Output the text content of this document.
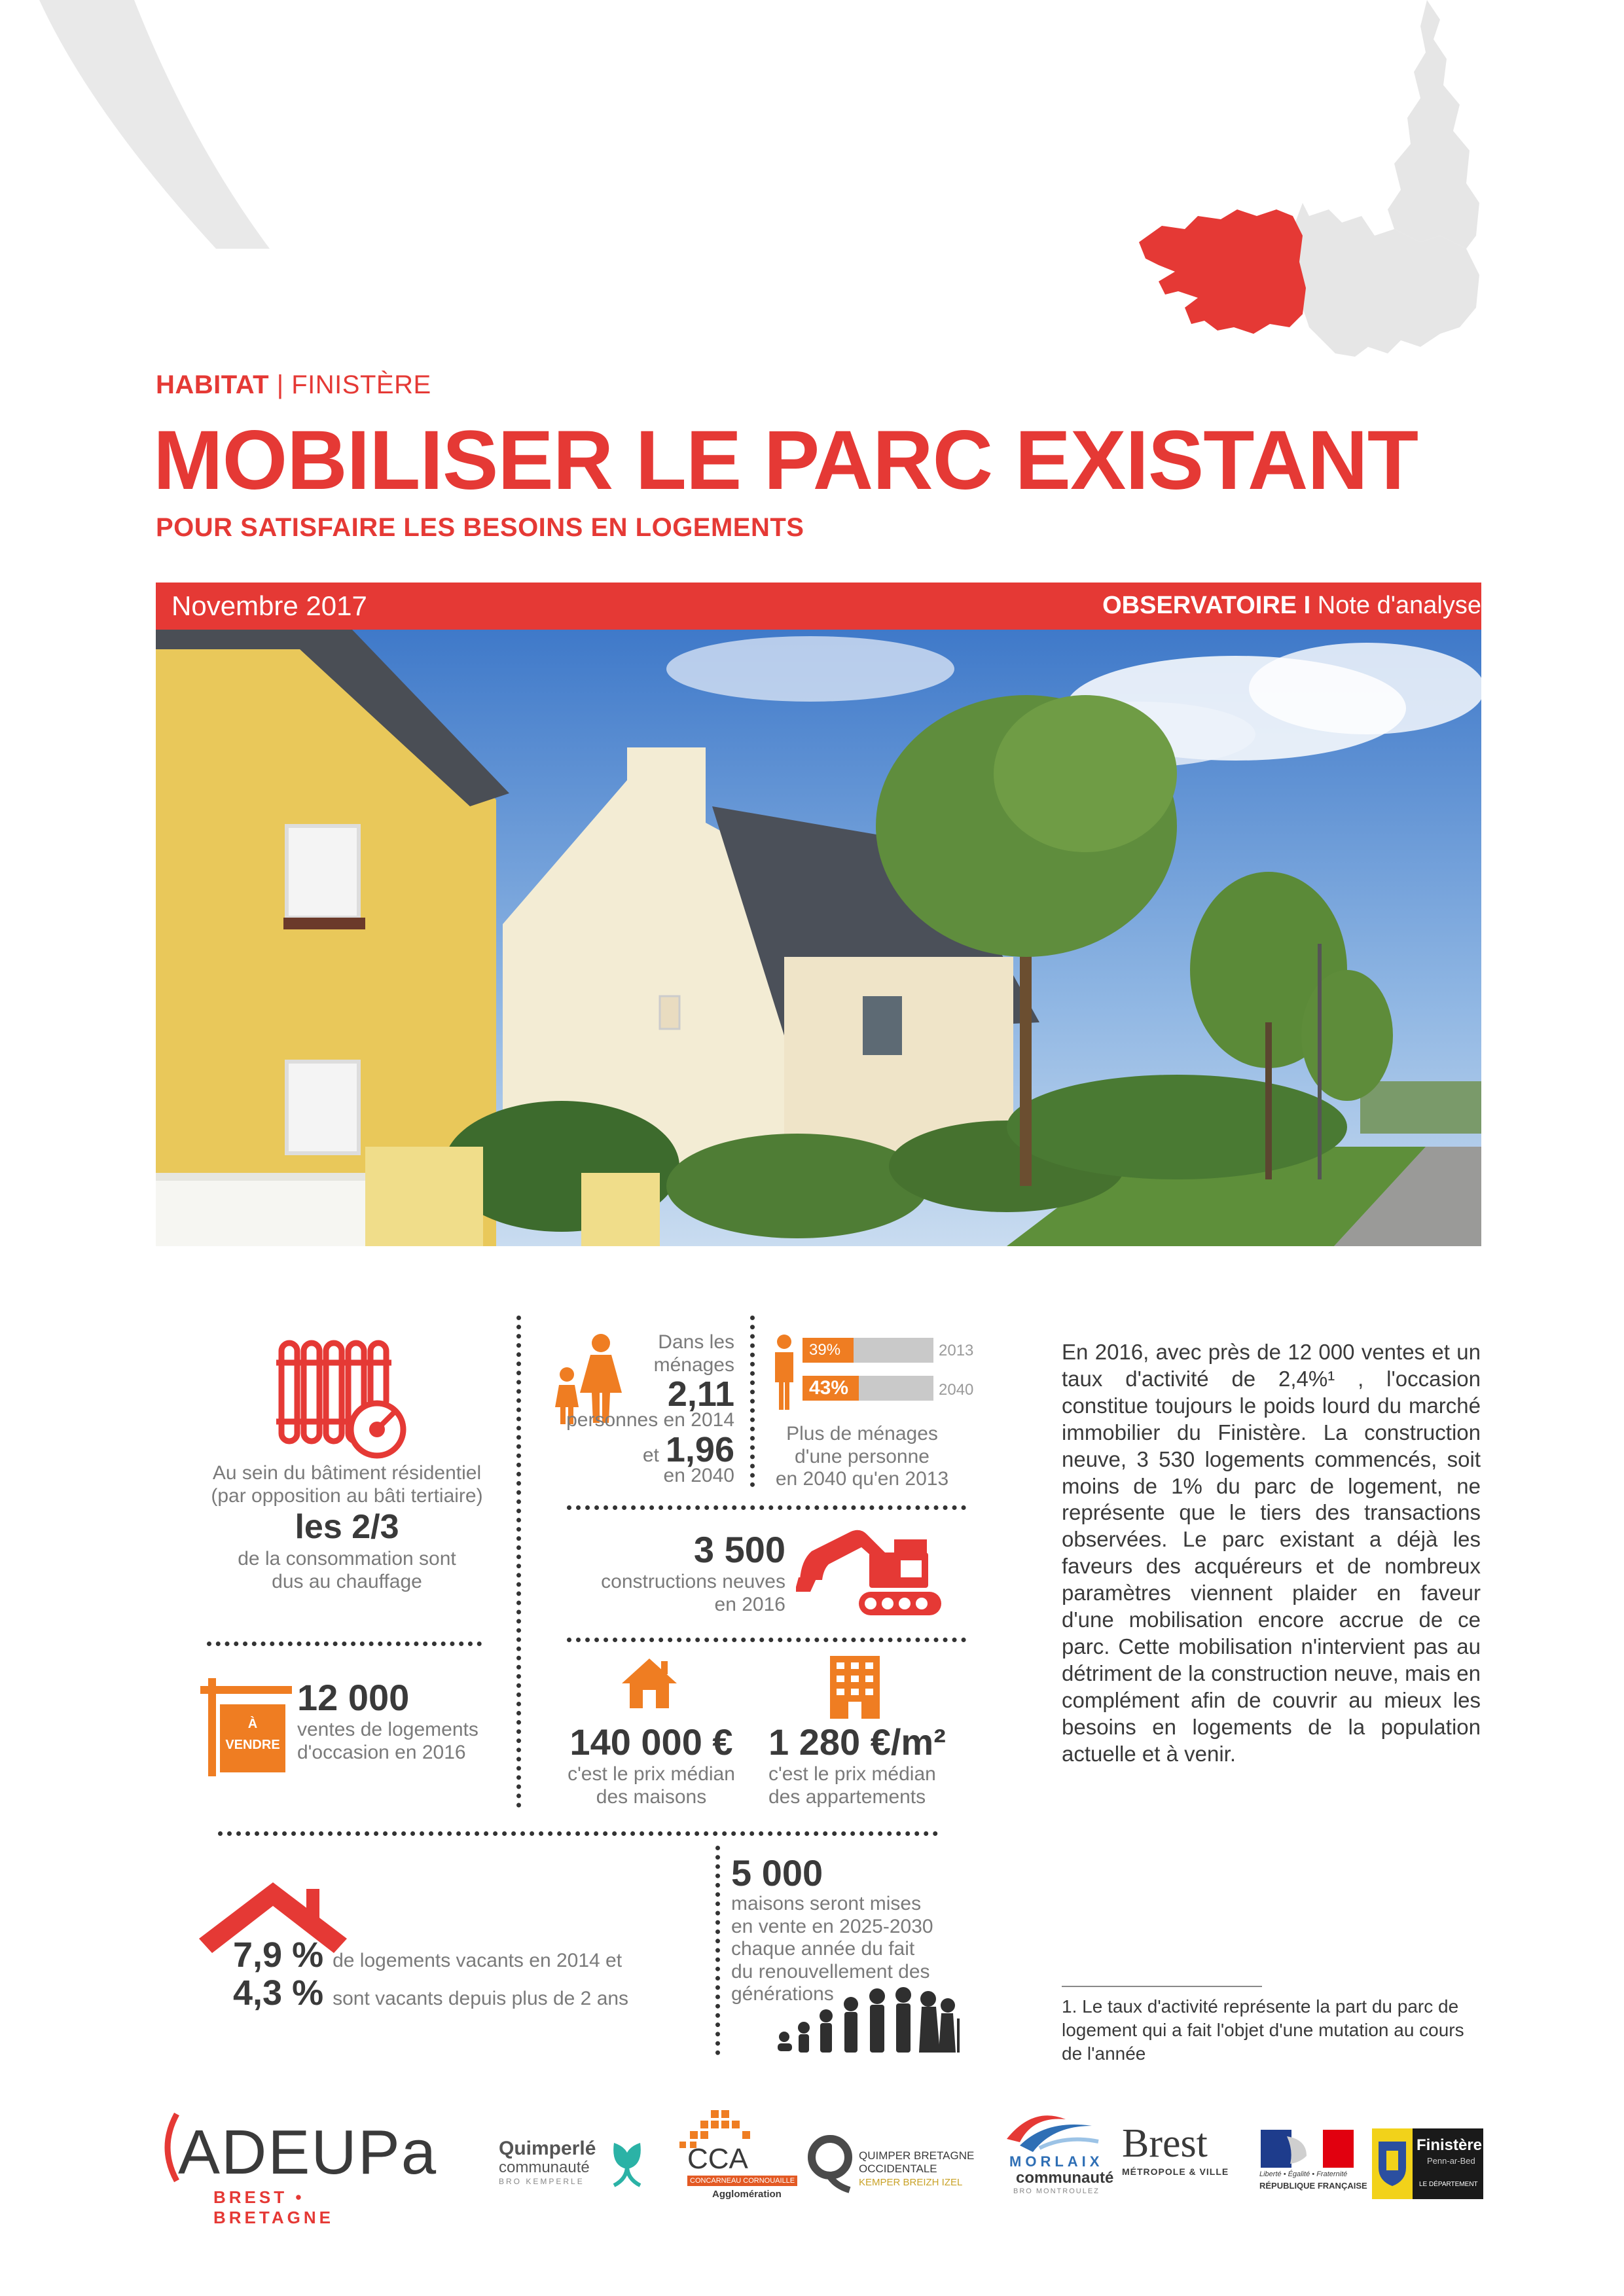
HABITAT | FINISTÈRE
MOBILISER LE PARC EXISTANT
POUR SATISFAIRE LES BESOINS EN LOGEMENTS
Novembre 2017	OBSERVATOIRE I Note d'analyse
Au sein du bâtiment résidentiel
(par opposition au bâti tertiaire)
les 2/3
de la consommation sont
dus au chauffage
Dans les
ménages
2,11
personnes en 2014
et 1,96
en 2040
39%
43%
2013
2040
Plus de ménages
d'une personne
en 2040 qu'en 2013
3 500
constructions neuves
en 2016
À
VENDRE
12 000
ventes de logements
d'occasion en 2016	140 000 €
c'est le prix médian
des maisons
1 280 €/m²
c'est le prix médian
des appartements
7,9 % de logements vacants en 2014 et
4,3 % sont vacants depuis plus de 2 ans
5 000
maisons seront mises
en vente en 2025-2030
chaque année du fait
du renouvellement des
générations
En 2016, avec près de 12 000 ventes et un taux d'activité de 2,4%¹ , l'occasion constitue toujours le poids lourd du marché immobilier du Finistère. La construction neuve, 3 530 logements commencés, soit moins de 1% du parc de logement, ne représente que le tiers des transactions observées. Le parc existant a déjà les faveurs des acquéreurs et de nombreux paramètres viennent plaider en faveur d'une mobilisation encore accrue de ce parc. Cette mobilisation n'intervient pas au détriment de la construction neuve, mais en complément afin de couvrir au mieux les besoins en logements de la population actuelle et à venir.
1. Le taux d'activité représente la part du parc de logement qui a fait l'objet d'une mutation au cours de l'année
ADEUPa
BREST • BRETAGNE
Quimperlé
communauté
BRO KEMPERLE
CCA
CONCARNEAU CORNOUAILLE
Agglomération
QUIMPER BRETAGNE
OCCIDENTALE
KEMPER BREIZH IZEL
MORLAIX
communauté
BRO MONTROULEZ
Brest
MÉTROPOLE & VILLE	Liberté • Égalité • Fraternité
RÉPUBLIQUE FRANÇAISE
Finistère
Penn-ar-Bed
LE DÉPARTEMENT
